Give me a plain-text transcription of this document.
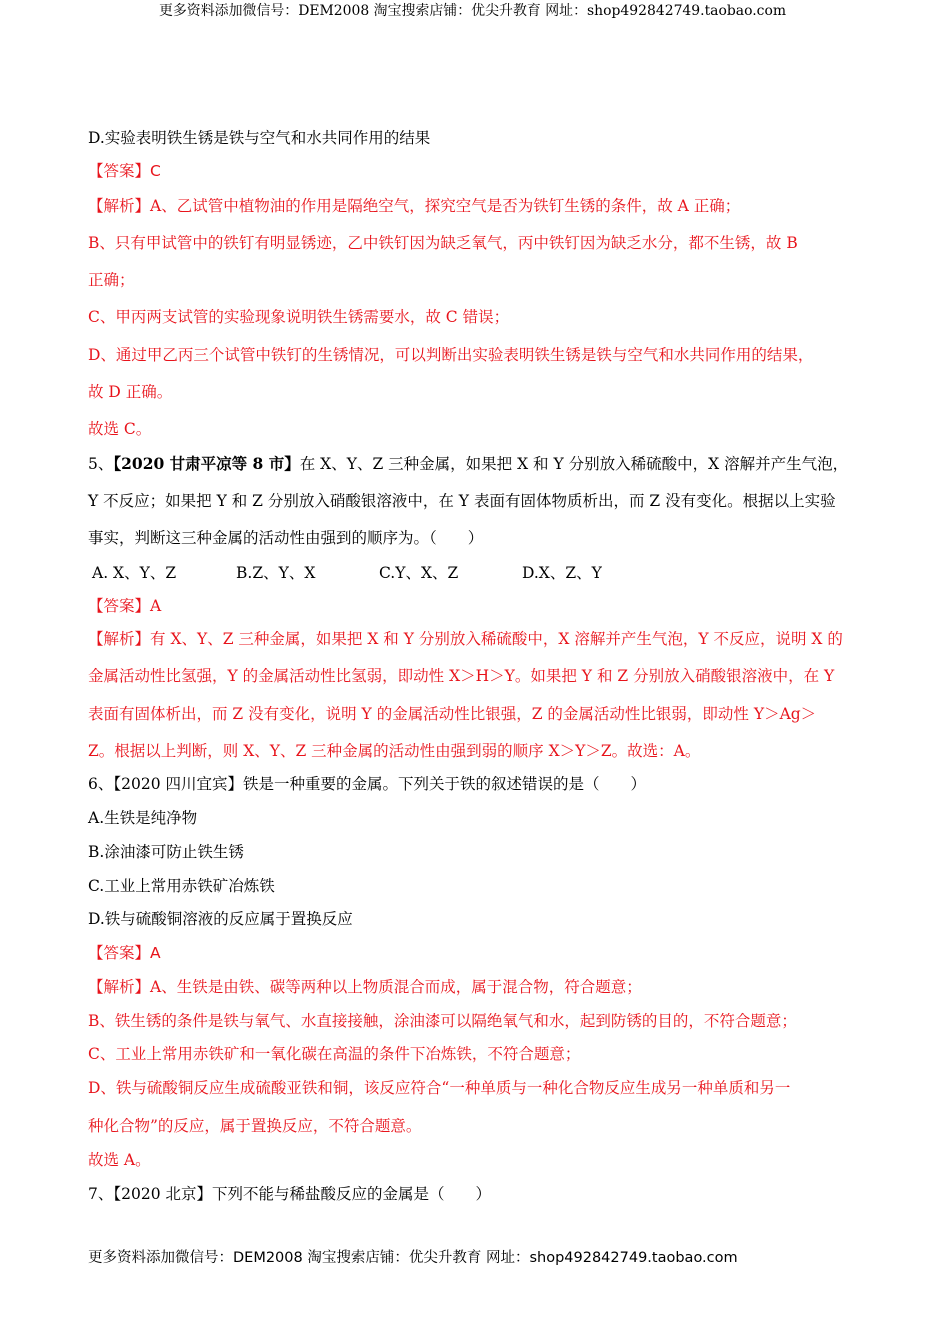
更多资料添加微信号：DEM2008 淘宝搜索店铺：优尖升教育 网址：shop492842749.taobao.com
D.实验表明铁生锈是铁与空气和水共同作用的结果
【答案】C
【解析】A、乙试管中植物油的作用是隔绝空气，探究空气是否为铁钉生锈的条件，故 A 正确；
B、只有甲试管中的铁钉有明显锈迹，乙中铁钉因为缺乏氧气，丙中铁钉因为缺乏水分，都不生锈，故 B
正确；
C、甲丙两支试管的实验现象说明铁生锈需要水，故 C 错误；
D、通过甲乙丙三个试管中铁钉的生锈情况，可以判断出实验表明铁生锈是铁与空气和水共同作用的结果，
故 D 正确。
故选 C。
5、【2020 甘肃平凉等 8 市】在 X、Y、Z 三种金属，如果把 X 和 Y 分别放入稀硫酸中，X 溶解并产生气泡，
Y 不反应；如果把 Y 和 Z 分别放入硝酸银溶液中，在 Y 表面有固体物质析出，而 Z 没有变化。根据以上实验
事实，判断这三种金属的活动性由强到的顺序为。（　　）
A. X、Y、Z	B.Z、Y、X	C.Y、X、Z	D.X、Z、Y
【答案】A
【解析】有 X、Y、Z 三种金属，如果把 X 和 Y 分别放入稀硫酸中，X 溶解并产生气泡，Y 不反应，说明 X 的
金属活动性比氢强，Y 的金属活动性比氢弱，即动性 X＞H＞Y。如果把 Y 和 Z 分别放入硝酸银溶液中，在 Y
表面有固体析出，而 Z 没有变化，说明 Y 的金属活动性比银强，Z 的金属活动性比银弱，即动性 Y＞Ag＞
Z。根据以上判断，则 X、Y、Z 三种金属的活动性由强到弱的顺序 X＞Y＞Z。故选：A。
6、【2020 四川宜宾】铁是一种重要的金属。下列关于铁的叙述错误的是（　　）
A.生铁是纯净物
B.涂油漆可防止铁生锈
C.工业上常用赤铁矿冶炼铁
D.铁与硫酸铜溶液的反应属于置换反应
【答案】A
【解析】A、生铁是由铁、碳等两种以上物质混合而成，属于混合物，符合题意；
B、铁生锈的条件是铁与氧气、水直接接触，涂油漆可以隔绝氧气和水，起到防锈的目的，不符合题意；
C、工业上常用赤铁矿和一氧化碳在高温的条件下冶炼铁，不符合题意；
D、铁与硫酸铜反应生成硫酸亚铁和铜，该反应符合“一种单质与一种化合物反应生成另一种单质和另一
种化合物”的反应，属于置换反应，不符合题意。
故选 A。
7、【2020 北京】下列不能与稀盐酸反应的金属是（　　）
更多资料添加微信号：DEM2008 淘宝搜索店铺：优尖升教育 网址：shop492842749.taobao.com
